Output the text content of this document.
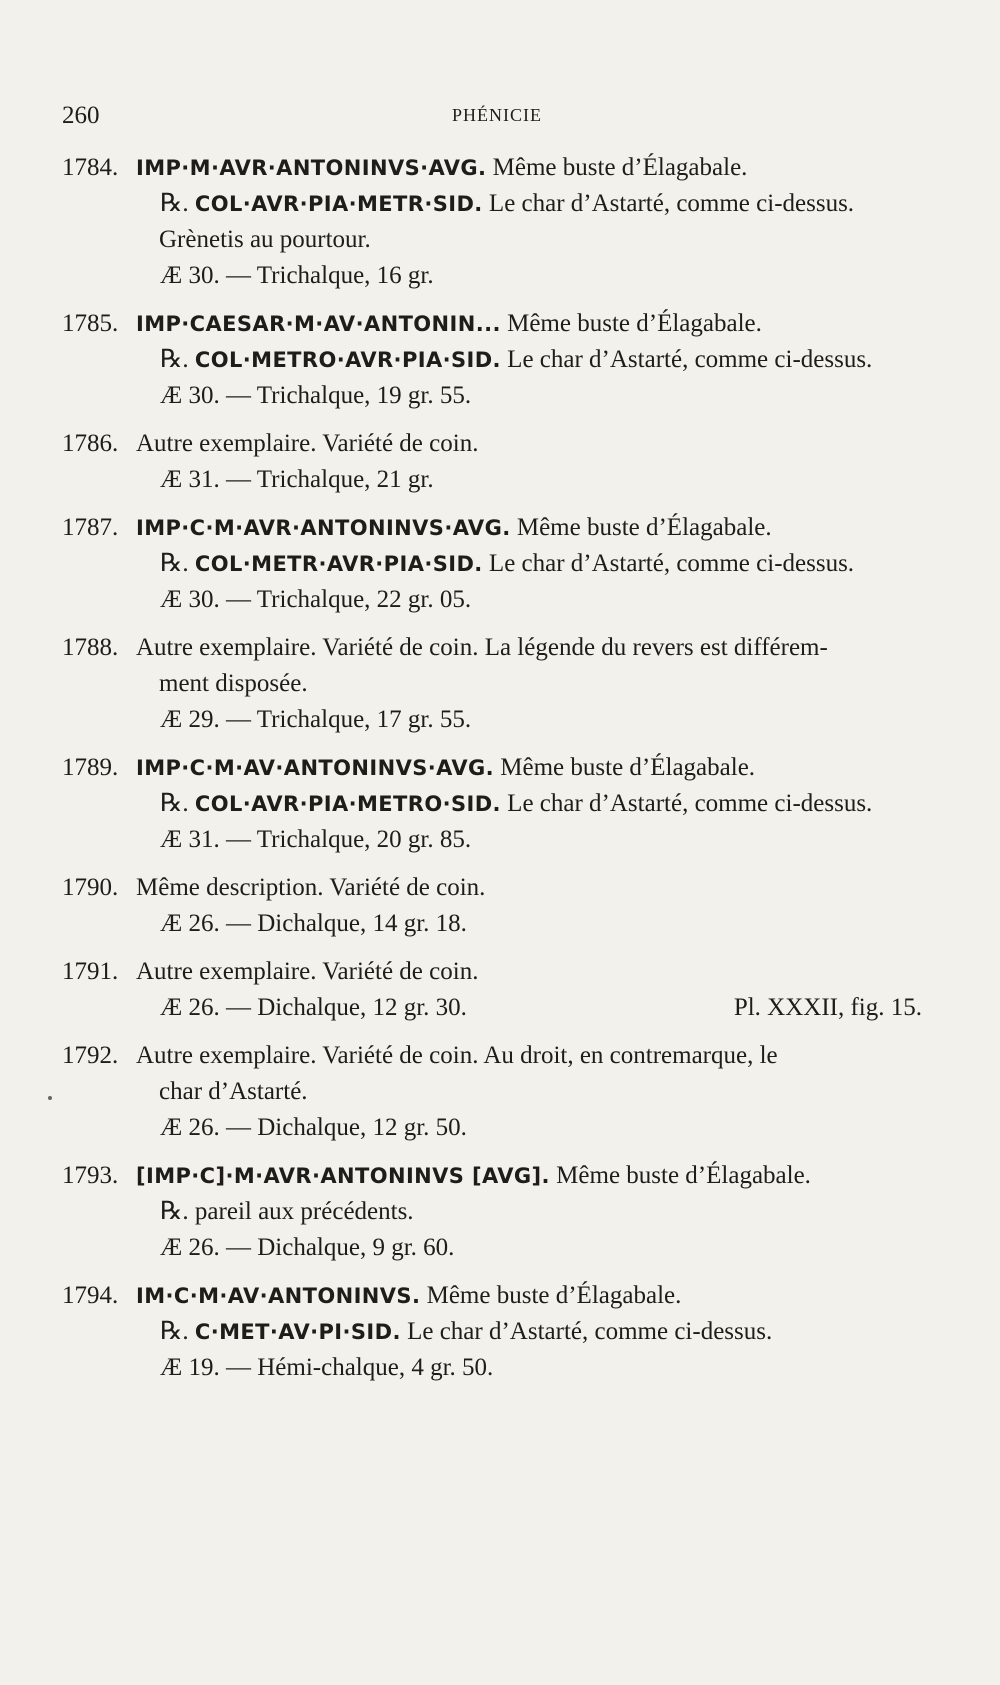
260	PHÉNICIE
1784. IMP·M·AVR·ANTONINVS·AVG. Même buste d’Élagabale.
℞. COL·AVR·PIA·METR·SID. Le char d’Astarté, comme ci-dessus.
Grènetis au pourtour.
Æ 30. — Trichalque, 16 gr.
1785. IMP·CAESAR·M·AV·ANTONIN... Même buste d’Élagabale.
℞. COL·METRO·AVR·PIA·SID. Le char d’Astarté, comme ci-dessus.
Æ 30. — Trichalque, 19 gr. 55.
1786. Autre exemplaire. Variété de coin.
Æ 31. — Trichalque, 21 gr.
1787. IMP·C·M·AVR·ANTONINVS·AVG. Même buste d’Élagabale.
℞. COL·METR·AVR·PIA·SID. Le char d’Astarté, comme ci-dessus.
Æ 30. — Trichalque, 22 gr. 05.
1788. Autre exemplaire. Variété de coin. La légende du revers est différem-
ment disposée.
Æ 29. — Trichalque, 17 gr. 55.
1789. IMP·C·M·AV·ANTONINVS·AVG. Même buste d’Élagabale.
℞. COL·AVR·PIA·METRO·SID. Le char d’Astarté, comme ci-dessus.
Æ 31. — Trichalque, 20 gr. 85.
1790. Même description. Variété de coin.
Æ 26. — Dichalque, 14 gr. 18.
1791. Autre exemplaire. Variété de coin.
Æ 26. — Dichalque, 12 gr. 30.	Pl. XXXII, fig. 15.
1792. Autre exemplaire. Variété de coin. Au droit, en contremarque, le
char d’Astarté.
Æ 26. — Dichalque, 12 gr. 50.
1793. [IMP·C]·M·AVR·ANTONINVS [AVG]. Même buste d’Élagabale.
℞. pareil aux précédents.
Æ 26. — Dichalque, 9 gr. 60.
1794. IM·C·M·AV·ANTONINVS. Même buste d’Élagabale.
℞. C·MET·AV·PI·SID. Le char d’Astarté, comme ci-dessus.
Æ 19. — Hémi-chalque, 4 gr. 50.
